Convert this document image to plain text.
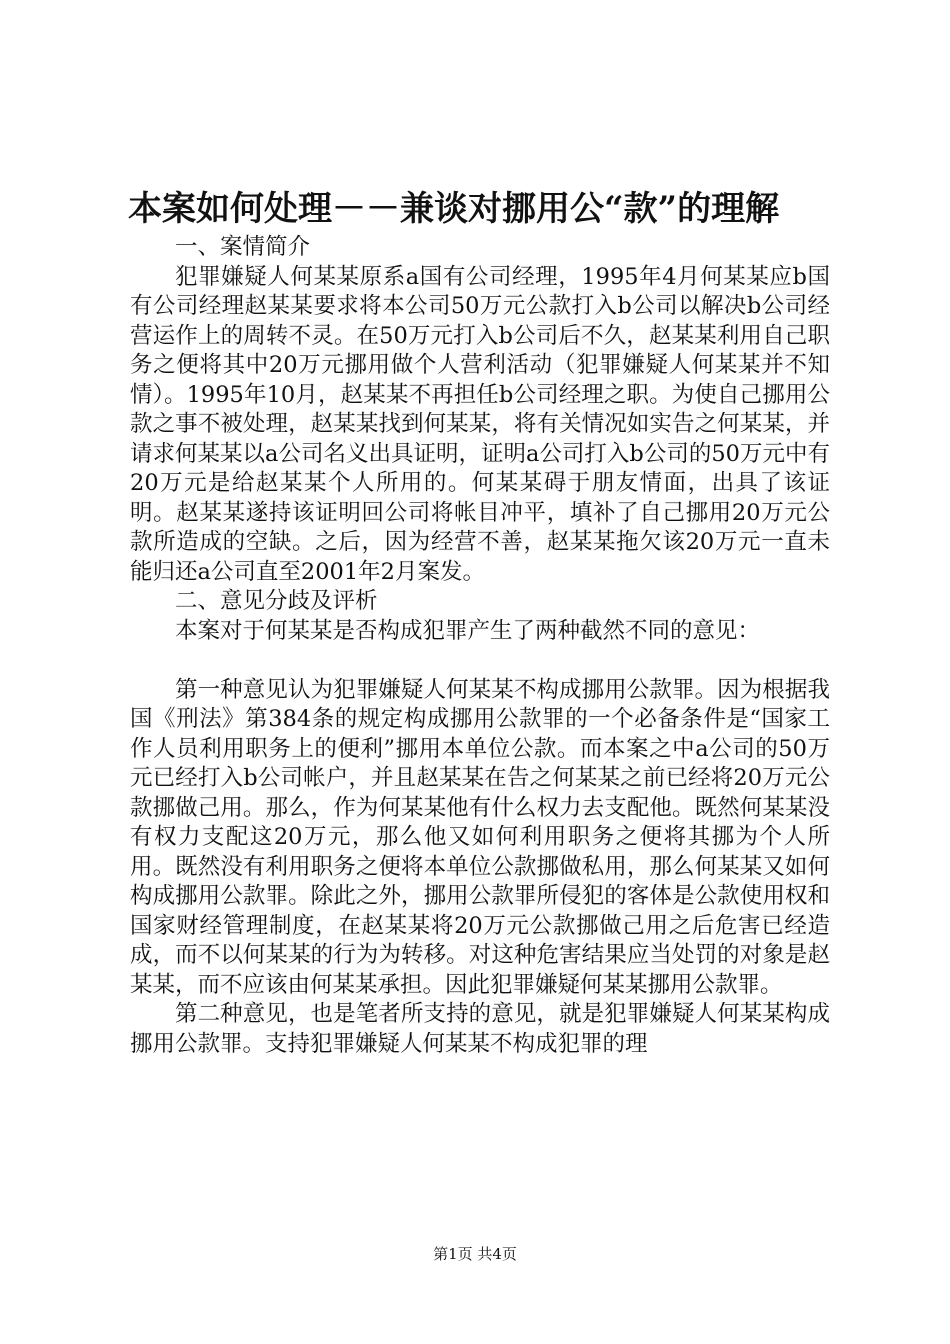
本案如何处理－－兼谈对挪用公“款”的理解

一、案情简介

犯罪嫌疑人何某某原系a国有公司经理，1995年4月何某某应b国有公司经理赵某某要求将本公司50万元公款打入b公司以解决b公司经营运作上的周转不灵。在50万元打入b公司后不久，赵某某利用自己职务之便将其中20万元挪用做个人营利活动（犯罪嫌疑人何某某并不知情）。1995年10月，赵某某不再担任b公司经理之职。为使自己挪用公款之事不被处理，赵某某找到何某某，将有关情况如实告之何某某，并请求何某某以a公司名义出具证明，证明a公司打入b公司的50万元中有20万元是给赵某某个人所用的。何某某碍于朋友情面，出具了该证明。赵某某遂持该证明回公司将帐目冲平，填补了自己挪用20万元公款所造成的空缺。之后，因为经营不善，赵某某拖欠该20万元一直未能归还a公司直至2001年2月案发。

二、意见分歧及评析

本案对于何某某是否构成犯罪产生了两种截然不同的意见：

第一种意见认为犯罪嫌疑人何某某不构成挪用公款罪。因为根据我国《刑法》第384条的规定构成挪用公款罪的一个必备条件是“国家工作人员利用职务上的便利”挪用本单位公款。而本案之中a公司的50万元已经打入b公司帐户，并且赵某某在告之何某某之前已经将20万元公款挪做己用。那么，作为何某某他有什么权力去支配他。既然何某某没有权力支配这20万元，那么他又如何利用职务之便将其挪为个人所用。既然没有利用职务之便将本单位公款挪做私用，那么何某某又如何构成挪用公款罪。除此之外，挪用公款罪所侵犯的客体是公款使用权和国家财经管理制度，在赵某某将20万元公款挪做己用之后危害已经造成，而不以何某某的行为为转移。对这种危害结果应当处罚的对象是赵某某，而不应该由何某某承担。因此犯罪嫌疑何某某挪用公款罪。

第二种意见，也是笔者所支持的意见，就是犯罪嫌疑人何某某构成挪用公款罪。支持犯罪嫌疑人何某某不构成犯罪的理

第1页 共4页
